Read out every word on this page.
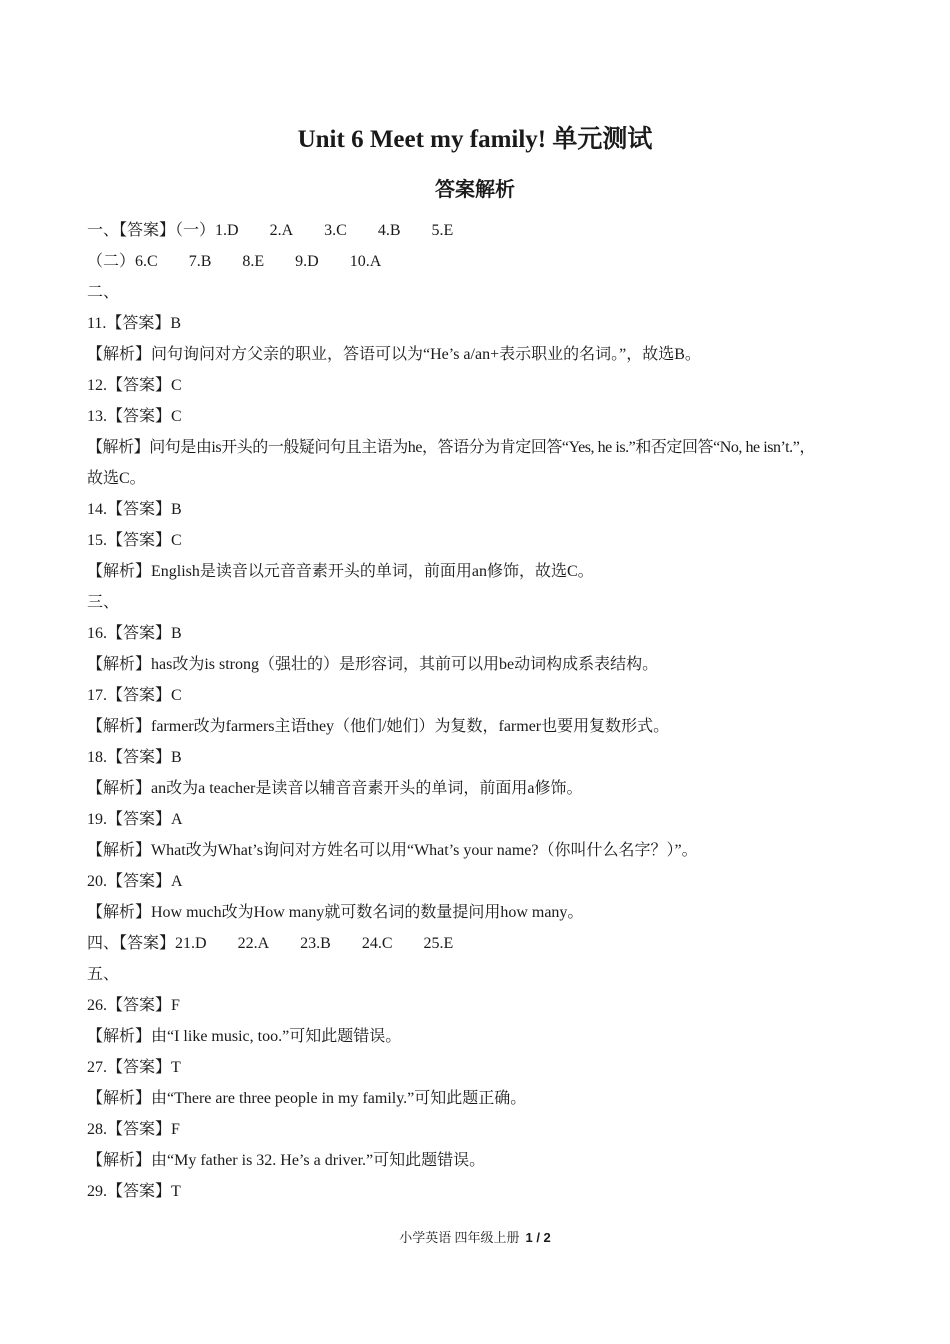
Unit 6 Meet my family! 单元测试
答案解析
一、【答案】（一）1.D 2.A 3.C 4.B 5.E
（二）6.C 7.B 8.E 9.D 10.A
二、
11.【答案】B
【解析】问句询问对方父亲的职业，答语可以为“He’s a/an+表示职业的名词。”，故选B。
12.【答案】C
13.【答案】C
【解析】问句是由is开头的一般疑问句且主语为he，答语分为肯定回答“Yes, he is.”和否定回答“No, he isn’t.”，
故选C。
14.【答案】B
15.【答案】C
【解析】English是读音以元音音素开头的单词，前面用an修饰，故选C。
三、
16.【答案】B
【解析】has改为is strong（强壮的）是形容词，其前可以用be动词构成系表结构。
17.【答案】C
【解析】farmer改为farmers主语they（他们/她们）为复数，farmer也要用复数形式。
18.【答案】B
【解析】an改为a teacher是读音以辅音音素开头的单词，前面用a修饰。
19.【答案】A
【解析】What改为What’s询问对方姓名可以用“What’s your name?（你叫什么名字？）”。
20.【答案】A
【解析】How much改为How many就可数名词的数量提问用how many。
四、【答案】21.D 22.A 23.B 24.C 25.E
五、
26.【答案】F
【解析】由“I like music, too.”可知此题错误。
27.【答案】T
【解析】由“There are three people in my family.”可知此题正确。
28.【答案】F
【解析】由“My father is 32. He’s a driver.”可知此题错误。
29.【答案】T
小学英语 四年级上册 1 / 2
